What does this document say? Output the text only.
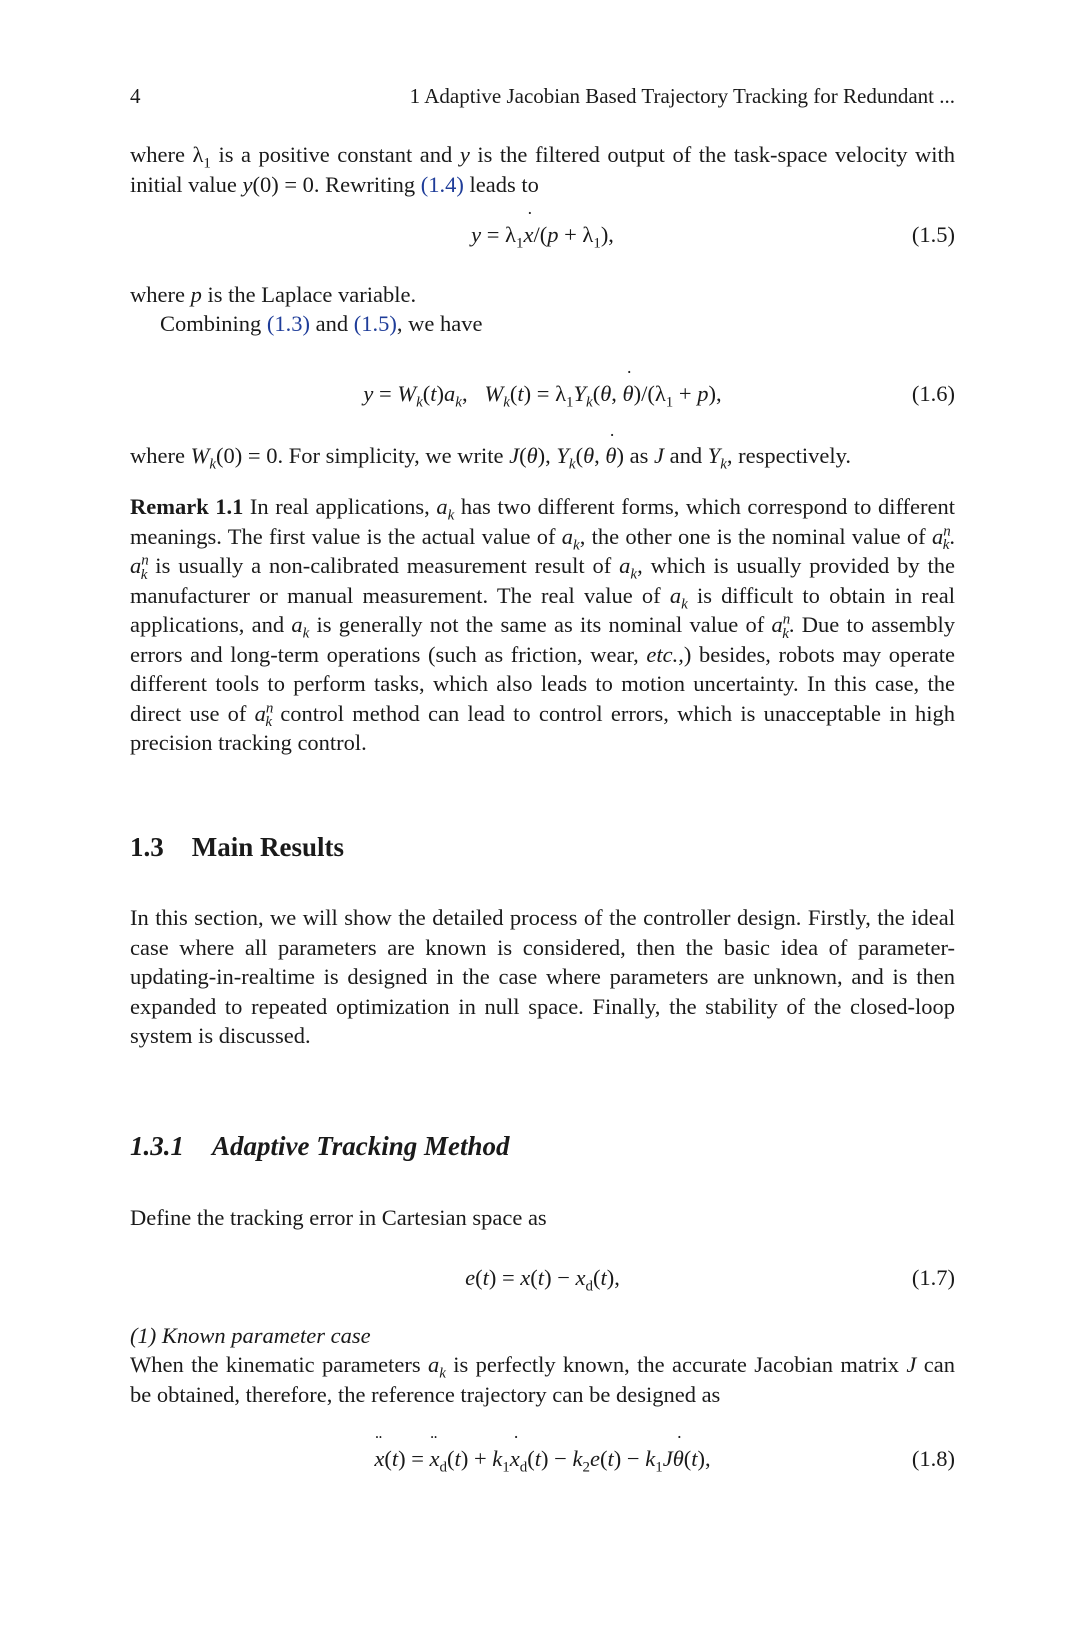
4	1 Adaptive Jacobian Based Trajectory Tracking for Redundant ...
where $\lambda_1$ is a positive constant and y is the filtered output of the task-space velocity with initial value y(0) = 0. Rewriting (1.4) leads to
$y = \lambda_1x$ ˙/(p + $\lambda_1$),	(1.5)
where p is the Laplace variable.
Combining (1.3) and (1.5), we have
$y = W_k(t)a_k$,   $W_k(t) = \lambda_1Y_k(\theta$, θ $˙)/(\lambda_1 + p)$,	(1.6)
where $W_k(0) = 0$. For simplicity, we write J(θ), $Y_k(\theta$, θ ˙) as J and $Y_k$, respectively.
Remark 1.1 In real applications, $a_k$ has two different forms, which correspond to different meanings. The first value is the actual value of $a_k$, the other one is the nominal value of $a^n_k$. $a^n_k$ is usually a non-calibrated measurement result of $a_k$, which is usually provided by the manufacturer or manual measurement. The real value of $a_k$ is difficult to obtain in real applications, and $a_k$ is generally not the same as its nominal value of $a^n_k$. Due to assembly errors and long-term operations (such as friction, wear, etc.,) besides, robots may operate different tools to perform tasks, which also leads to motion uncertainty. In this case, the direct use of $a^n_k$ control method can lead to control errors, which is unacceptable in high precision tracking control.
1.3 Main Results
In this section, we will show the detailed process of the controller design. Firstly, the ideal case where all parameters are known is considered, then the basic idea of parameter-updating-in-realtime is designed in the case where parameters are unknown, and is then expanded to repeated optimization in null space. Finally, the stability of the closed-loop system is discussed.
1.3.1 Adaptive Tracking Method
Define the tracking error in Cartesian space as
$e(t) = x(t) - x_d(t)$,	(1.7)
(1) Known parameter case
When the kinematic parameters $a_k$ is perfectly known, the accurate Jacobian matrix J can be obtained, therefore, the reference trajectory can be designed as
x ¨(t) = x $¨_d(t) + k_1x$ $˙_d(t) - k_2e(t) - k_1J\theta$ ˙(t),	(1.8)
